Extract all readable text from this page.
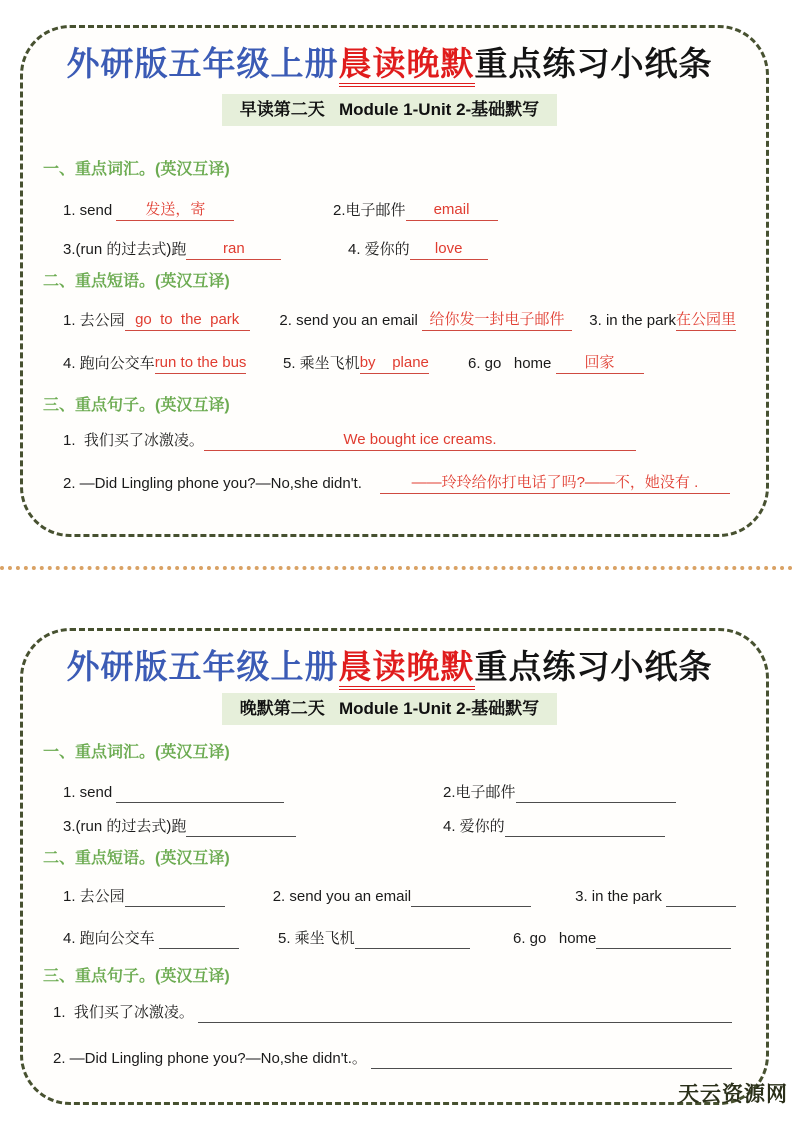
外研版五年级上册晨读晚默重点练习小纸条
早读第二天   Module 1-Unit 2-基础默写
一、重点词汇。(英汉互译)
1. send	发送，寄	2.电子邮件	email
3.(run 的过去式)跑	ran	4. 爱你的	love
二、重点短语。(英汉互译)
1. 去公园 go  to  the  park	2. send you an email 给你发一封电子邮件	3. in the park 在公园里
4. 跑向公交车 run to the bus 5. 乘坐飞机 by    plane	6. go   home	回家
三、重点句子。(英汉互译)
1.  我们买了冰激凌。	We bought ice creams.
2. —Did Lingling phone you?—No,she didn't.	——玲玲给你打电话了吗?——不，她没有 .
外研版五年级上册晨读晚默重点练习小纸条
晚默第二天   Module 1-Unit 2-基础默写
一、重点词汇。(英汉互译)
1. send	2.电子邮件
3.(run 的过去式)跑	4. 爱你的
二、重点短语。(英汉互译)
1. 去公园	2. send you an email	3. in the park
4. 跑向公交车	5. 乘坐飞机	6. go   home
三、重点句子。(英汉互译)
1.  我们买了冰激凌。
2. —Did Lingling phone you?—No,she didn't.。
天云资源网
